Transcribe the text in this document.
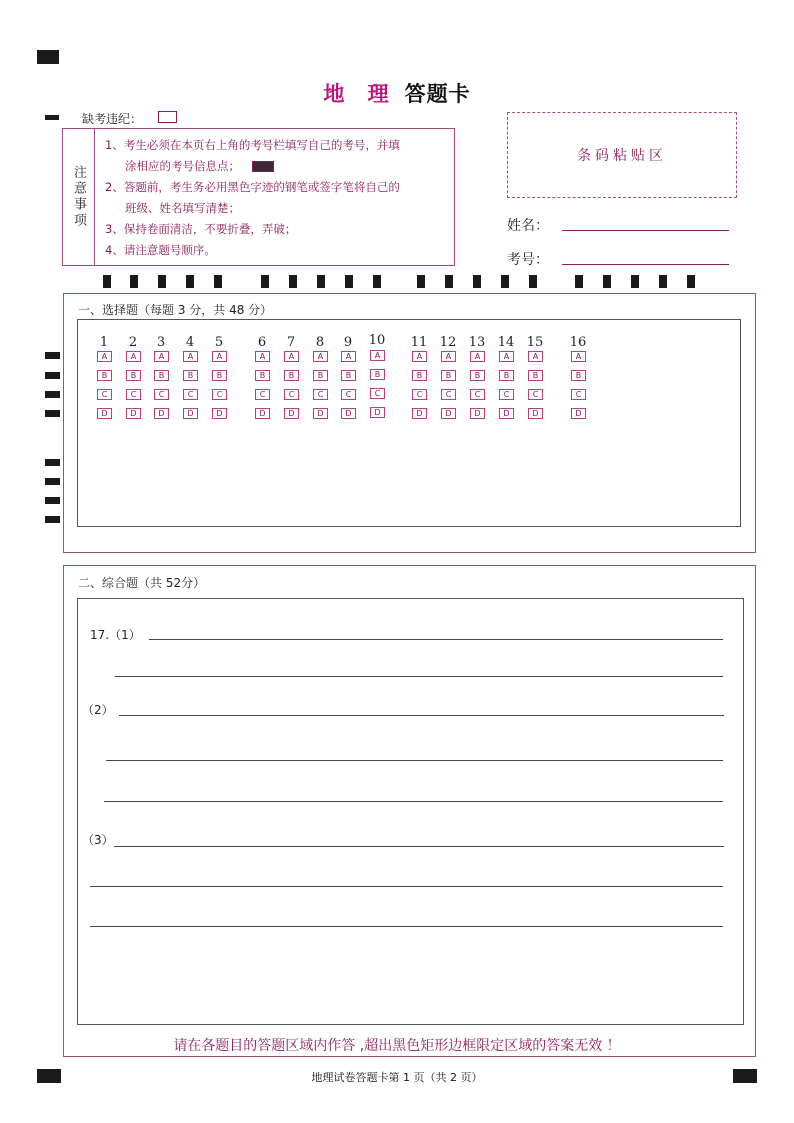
地 理 答题卡
缺考违纪：
注意事项
1、考生必须在本页右上角的考号栏填写自己的考号，并填
涂相应的考号信息点；
2、答题前，考生务必用黑色字迹的钢笔或签字笔将自己的
班级、姓名填写清楚；
3、保持卷面清洁，不要折叠，弄破；
4、请注意题号顺序。
条码粘贴区
姓名：
考号：
一、选择题（每题 3 分，共 48 分）
1
A
B
C
D
2
A
B
C
D
3
A
B
C
D
4
A
B
C
D
5
A
B
C
D
6
A
B
C
D
7
A
B
C
D
8
A
B
C
D
9
A
B
C
D
10
A
B
C
D
11
A
B
C
D
12
A
B
C
D
13
A
B
C
D
14
A
B
C
D
15
A
B
C
D
16
A
B
C
D
二、综合题（共 52分）
17.（1）
（2）
（3）
请在各题目的答题区域内作答 ,超出黑色矩形边框限定区域的答案无效 ！
地理试卷答题卡第 1 页（共 2 页）
